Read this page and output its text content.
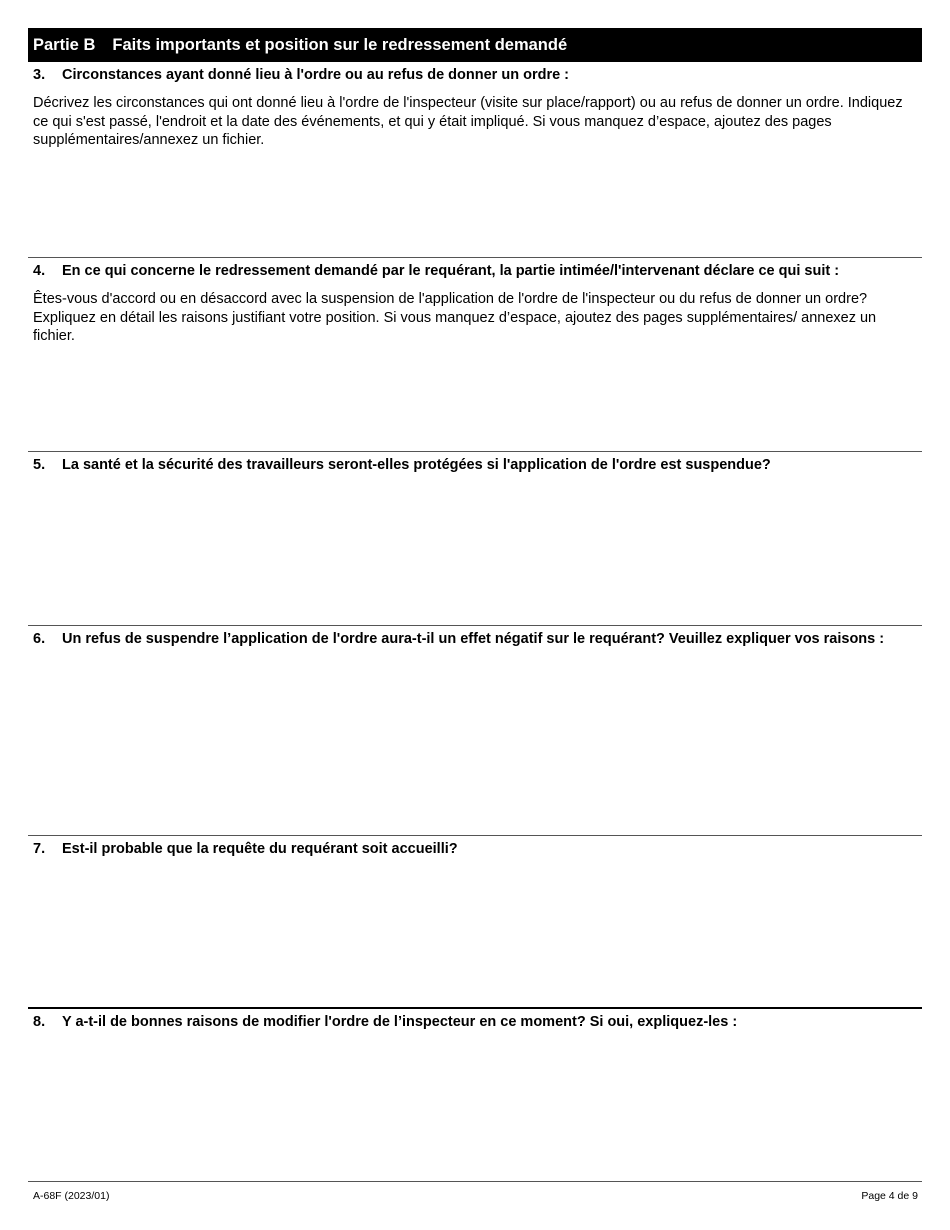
Partie B Faits importants et position sur le redressement demandé
3. Circonstances ayant donné lieu à l'ordre ou au refus de donner un ordre :
Décrivez les circonstances qui ont donné lieu à l'ordre de l'inspecteur (visite sur place/rapport) ou au refus de donner un ordre. Indiquez ce qui s'est passé, l'endroit et la date des événements, et qui y était impliqué. Si vous manquez d’espace, ajoutez des pages supplémentaires/annexez un fichier.
4. En ce qui concerne le redressement demandé par le requérant, la partie intimée/l'intervenant déclare ce qui suit :
Êtes-vous d'accord ou en désaccord avec la suspension de l'application de l'ordre de l'inspecteur ou du refus de donner un ordre? Expliquez en détail les raisons justifiant votre position. Si vous manquez d’espace, ajoutez des pages supplémentaires/ annexez un fichier.
5. La santé et la sécurité des travailleurs seront-elles protégées si l'application de l'ordre est suspendue?
6. Un refus de suspendre l’application de l'ordre aura-t-il un effet négatif sur le requérant? Veuillez expliquer vos raisons :
7. Est-il probable que la requête du requérant soit accueilli?
8. Y a-t-il de bonnes raisons de modifier l'ordre de l’inspecteur en ce moment? Si oui, expliquez-les :
A-68F (2023/01)	Page 4 de 9
